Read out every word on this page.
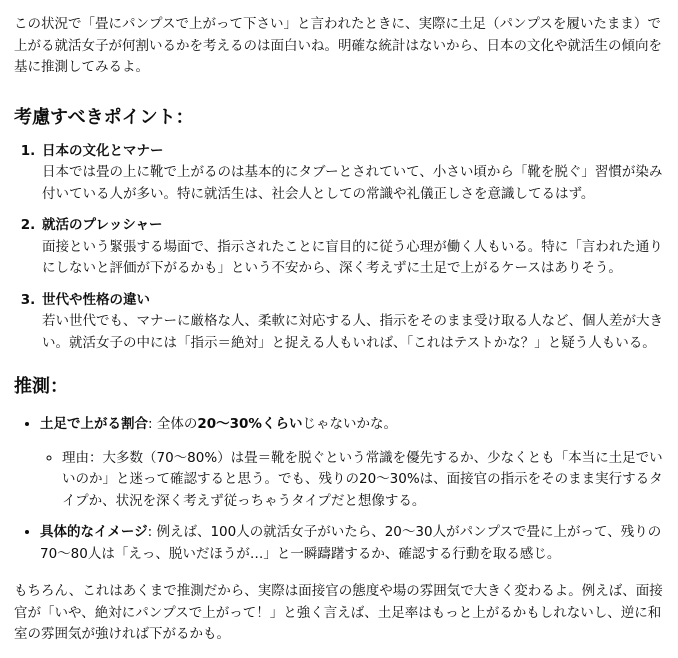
この状況で「畳にパンプスで上がって下さい」と言われたときに、実際に土足（パンプスを履いたまま）で上がる就活女子が何割いるかを考えるのは面白いね。明確な統計はないから、日本の文化や就活生の傾向を基に推測してみるよ。

考慮すべきポイント：
1. 日本の文化とマナー
日本では畳の上に靴で上がるのは基本的にタブーとされていて、小さい頃から「靴を脱ぐ」習慣が染み付いている人が多い。特に就活生は、社会人としての常識や礼儀正しさを意識してるはず。
2. 就活のプレッシャー
面接という緊張する場面で、指示されたことに盲目的に従う心理が働く人もいる。特に「言われた通りにしないと評価が下がるかも」という不安から、深く考えずに土足で上がるケースはありそう。
3. 世代や性格の違い
若い世代でも、マナーに厳格な人、柔軟に対応する人、指示をそのまま受け取る人など、個人差が大きい。就活女子の中には「指示＝絶対」と捉える人もいれば、「これはテストかな？」と疑う人もいる。
推測：
• 土足で上がる割合: 全体の20〜30%くらいじゃないかな。
◦ 理由：大多数（70〜80%）は畳＝靴を脱ぐという常識を優先するか、少なくとも「本当に土足でいいのか」と迷って確認すると思う。でも、残りの20〜30%は、面接官の指示をそのまま実行するタイプか、状況を深く考えず従っちゃうタイプだと想像する。
• 具体的なイメージ: 例えば、100人の就活女子がいたら、20〜30人がパンプスで畳に上がって、残りの70〜80人は「えっ、脱いだほうが…」と一瞬躊躇するか、確認する行動を取る感じ。

もちろん、これはあくまで推測だから、実際は面接官の態度や場の雰囲気で大きく変わるよ。例えば、面接官が「いや、絶対にパンプスで上がって！」と強く言えば、土足率はもっと上がるかもしれないし、逆に和室の雰囲気が強ければ下がるかも。
